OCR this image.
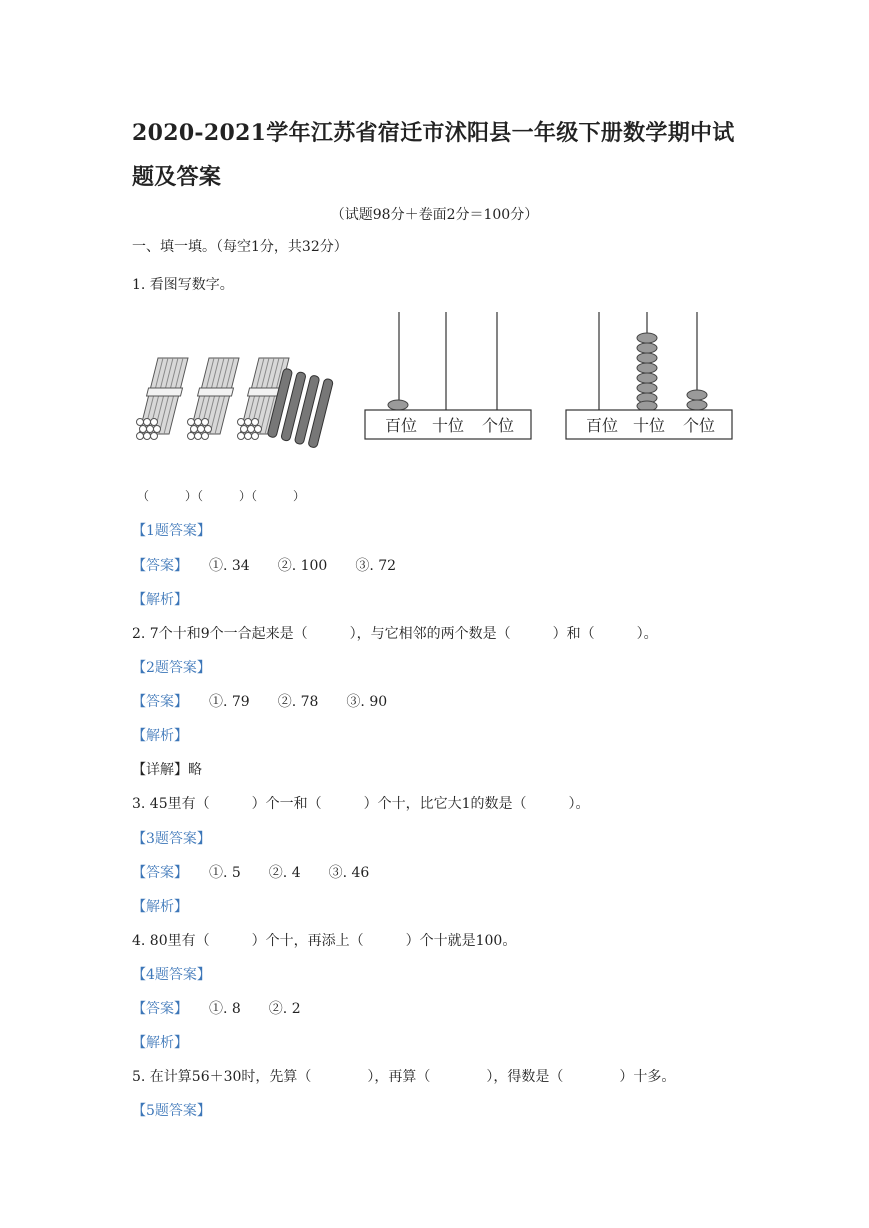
2020-2021学年江苏省宿迁市沭阳县一年级下册数学期中试
题及答案
（试题98分＋卷面2分＝100分）
一、填一填。（每空1分，共32分）
1. 看图写数字。
百位 十位 个位	百位 十位 个位
（　　　）（　　　）（　　　）
【1题答案】
【答案】　　 ①. 34　　②. 100　　③. 72
【解析】
2. 7个十和9个一合起来是（　　　），与它相邻的两个数是（　　　）和（　　　）。
【2题答案】
【答案】　　 ①. 79　　②. 78　　③. 90
【解析】
【详解】略
3. 45里有（　　　）个一和（　　　）个十，比它大1的数是（　　　）。
【3题答案】
【答案】　　 ①. 5　　②. 4　　③. 46
【解析】
4. 80里有（　　　）个十，再添上（　　　）个十就是100。
【4题答案】
【答案】　　 ①. 8　　②. 2
【解析】
5. 在计算56＋30时，先算（　　　　），再算（　　　　），得数是（　　　　）十多。
【5题答案】
